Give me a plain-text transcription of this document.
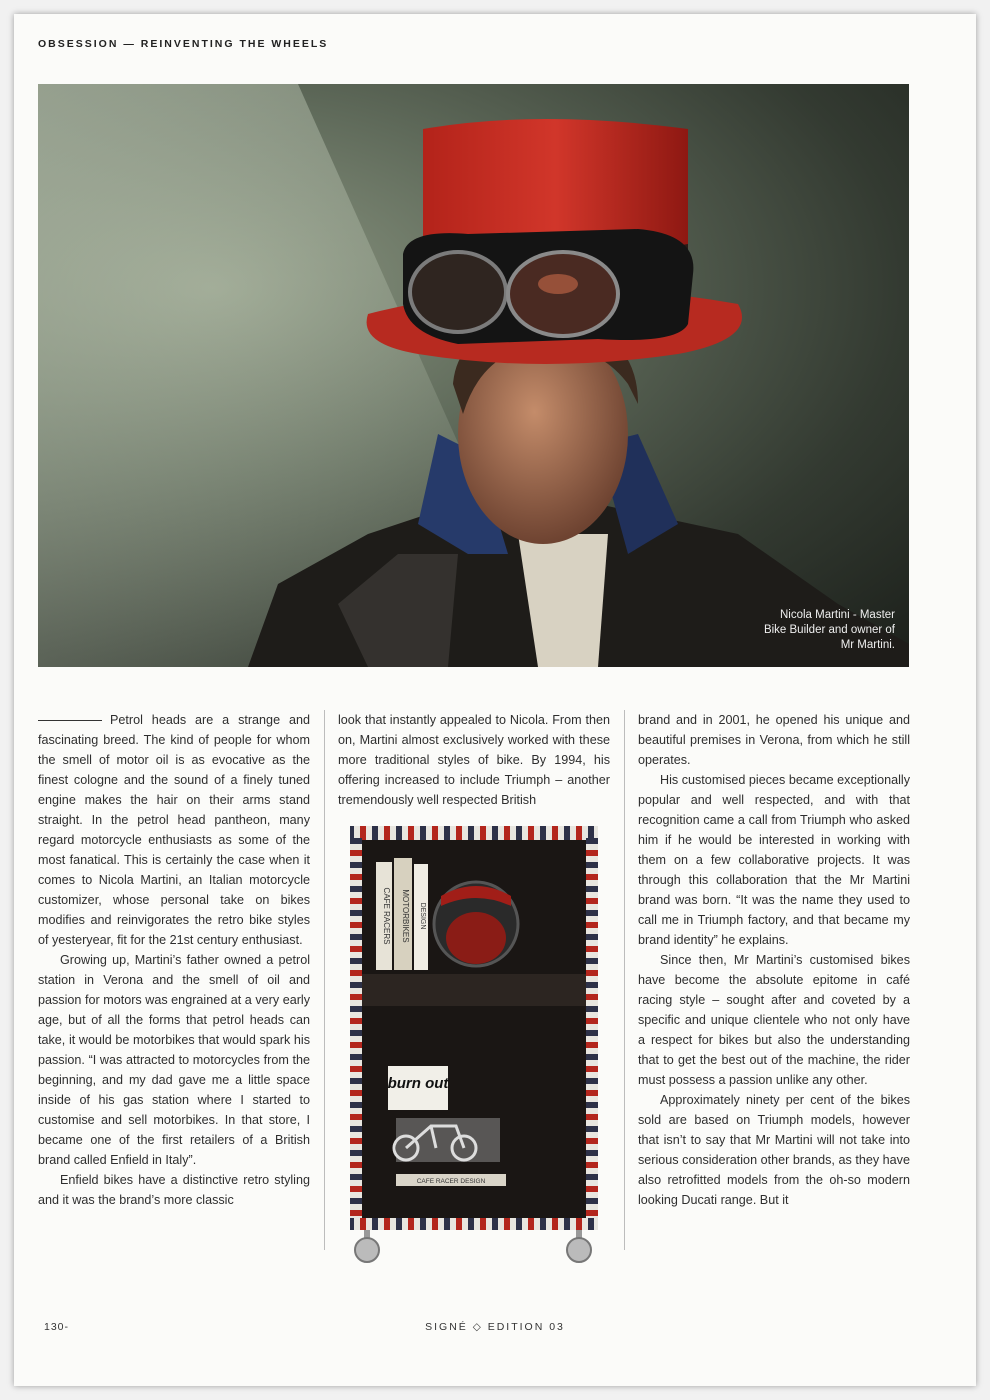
OBSESSION — REINVENTING THE WHEELS
Nicola Martini - Master Bike Builder and owner of Mr Martini.

Petrol heads are a strange and fascinating breed. The kind of people for whom the smell of motor oil is as evocative as the finest cologne and the sound of a finely tuned engine makes the hair on their arms stand straight. In the petrol head pantheon, many regard motorcycle enthusiasts as some of the most fanatical. This is certainly the case when it comes to Nicola Martini, an Italian motorcycle customizer, whose personal take on bikes modifies and reinvigorates the retro bike styles of yesteryear, fit for the 21st century enthusiast.

Growing up, Martini’s father owned a petrol station in Verona and the smell of oil and passion for motors was engrained at a very early age, but of all the forms that petrol heads can take, it would be motorbikes that would spark his passion. “I was attracted to motorcycles from the beginning, and my dad gave me a little space inside of his gas station where I started to customise and sell motorbikes. In that store, I became one of the first retailers of a British brand called Enfield in Italy”.

Enfield bikes have a distinctive retro styling and it was the brand’s more classic

look that instantly appealed to Nicola. From then on, Martini almost exclusively worked with these more traditional styles of bike. By 1994, his offering increased to include Triumph – another tremendously well respected British

CAFE RACERS MOTORBIKES DESIGN
burn out
CAFE RACER DESIGN

brand and in 2001, he opened his unique and beautiful premises in Verona, from which he still operates.

His customised pieces became exceptionally popular and well respected, and with that recognition came a call from Triumph who asked him if he would be interested in working with them on a few collaborative projects. It was through this collaboration that the Mr Martini brand was born. “It was the name they used to call me in Triumph factory, and that became my brand identity” he explains.

Since then, Mr Martini’s customised bikes have become the absolute epitome in café racing style – sought after and coveted by a specific and unique clientele who not only have a respect for bikes but also the understanding that to get the best out of the machine, the rider must possess a passion unlike any other.

Approximately ninety per cent of the bikes sold are based on Triumph models, however that isn’t to say that Mr Martini will not take into serious consideration other brands, as they have also retrofitted models from the oh-so modern looking Ducati range. But it

130-	SIGNÉ ◇ EDITION 03
